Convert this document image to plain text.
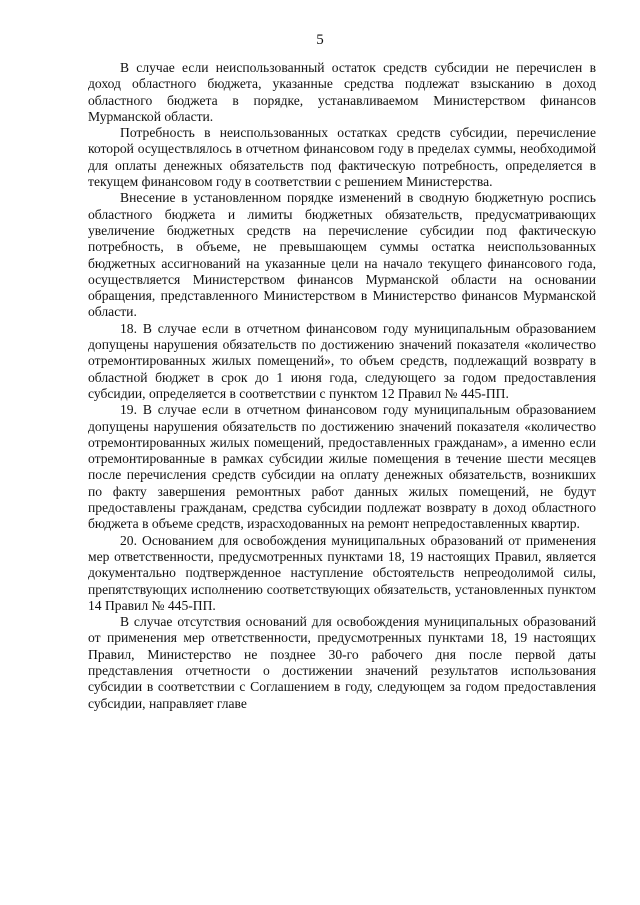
5

В случае если неиспользованный остаток средств субсидии не перечислен в доход областного бюджета, указанные средства подлежат взысканию в доход областного бюджета в порядке, устанавливаемом Министерством финансов Мурманской области.

Потребность в неиспользованных остатках средств субсидии, перечисление которой осуществлялось в отчетном финансовом году в пределах суммы, необходимой для оплаты денежных обязательств под фактическую потребность, определяется в текущем финансовом году в соответствии с решением Министерства.

Внесение в установленном порядке изменений в сводную бюджетную роспись областного бюджета и лимиты бюджетных обязательств, предусматривающих увеличение бюджетных средств на перечисление субсидии под фактическую потребность, в объеме, не превышающем суммы остатка неиспользованных бюджетных ассигнований на указанные цели на начало текущего финансового года, осуществляется Министерством финансов Мурманской области на основании обращения, представленного Министерством в Министерство финансов Мурманской области.

18. В случае если в отчетном финансовом году муниципальным образованием допущены нарушения обязательств по достижению значений показателя «количество отремонтированных жилых помещений», то объем средств, подлежащий возврату в областной бюджет в срок до 1 июня года, следующего за годом предоставления субсидии, определяется в соответствии с пунктом 12 Правил № 445-ПП.

19. В случае если в отчетном финансовом году муниципальным образованием допущены нарушения обязательств по достижению значений показателя «количество отремонтированных жилых помещений, предоставленных гражданам», а именно если отремонтированные в рамках субсидии жилые помещения в течение шести месяцев после перечисления средств субсидии на оплату денежных обязательств, возникших по факту завершения ремонтных работ данных жилых помещений, не будут предоставлены гражданам, средства субсидии подлежат возврату в доход областного бюджета в объеме средств, израсходованных на ремонт непредоставленных квартир.

20. Основанием для освобождения муниципальных образований от применения мер ответственности, предусмотренных пунктами 18, 19 настоящих Правил, является документально подтвержденное наступление обстоятельств непреодолимой силы, препятствующих исполнению соответствующих обязательств, установленных пунктом 14 Правил № 445-ПП.

В случае отсутствия оснований для освобождения муниципальных образований от применения мер ответственности, предусмотренных пунктами 18, 19 настоящих Правил, Министерство не позднее 30-го рабочего дня после первой даты представления отчетности о достижении значений результатов использования субсидии в соответствии с Соглашением в году, следующем за годом предоставления субсидии, направляет главе
